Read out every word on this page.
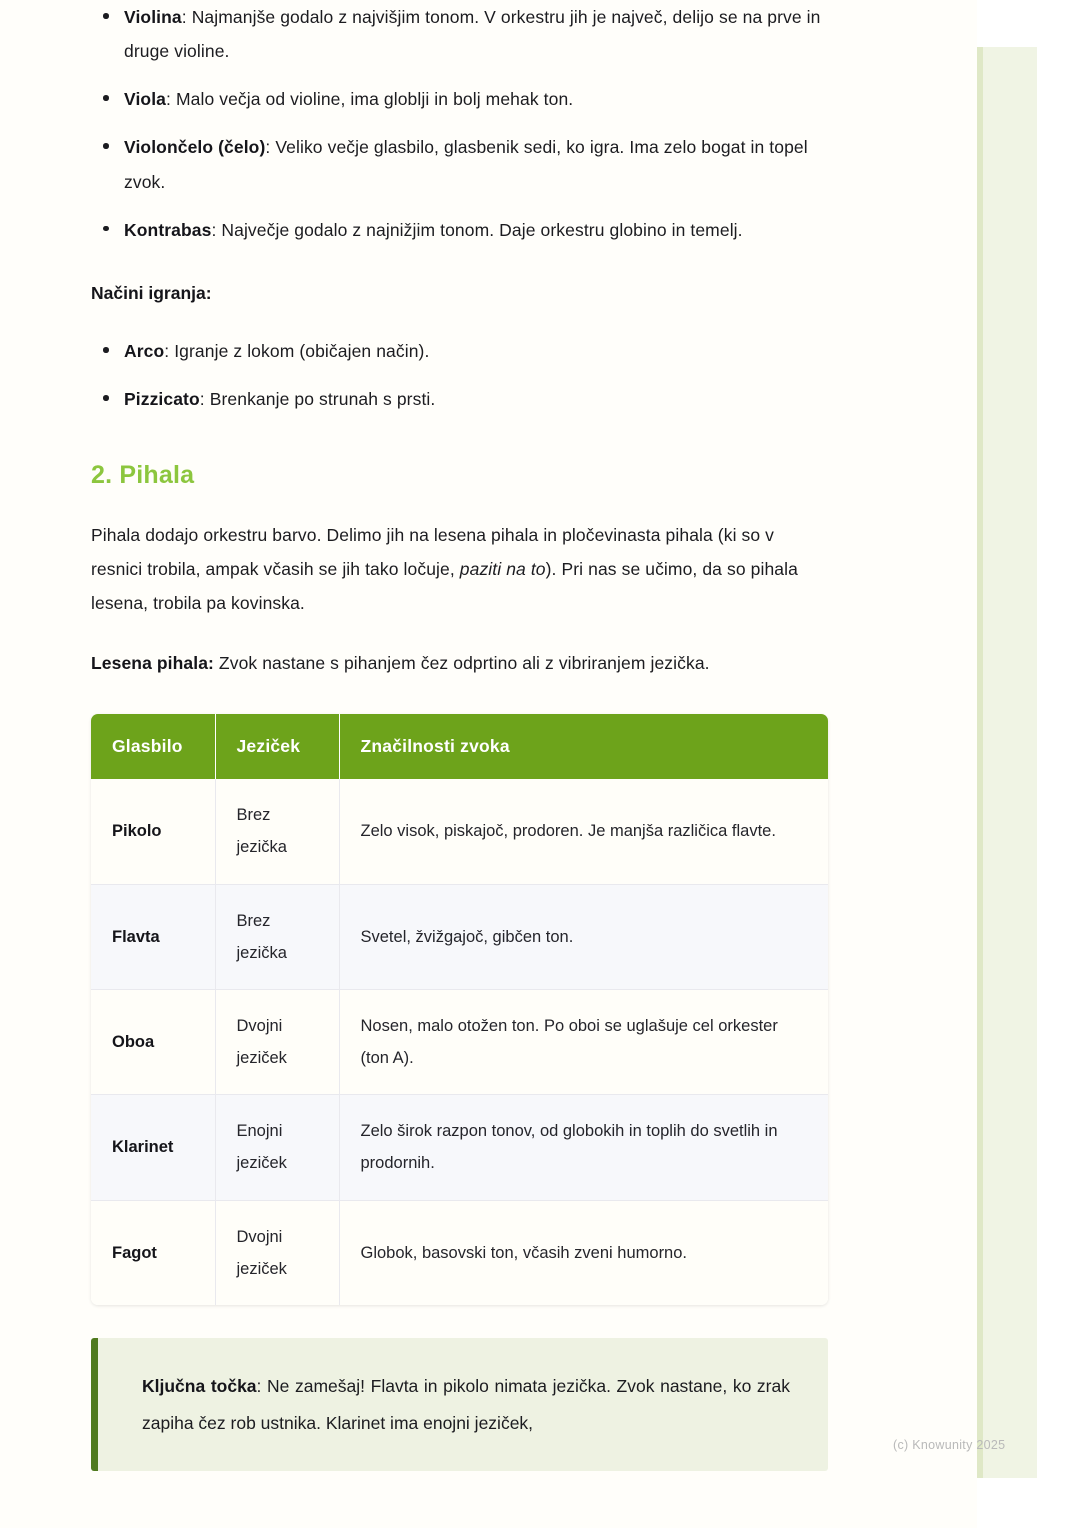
Violina: Najmanjše godalo z najvišjim tonom. V orkestru jih je največ, delijo se na prve in druge violine.
Viola: Malo večja od violine, ima globlji in bolj mehak ton.
Violončelo (čelo): Veliko večje glasbilo, glasbenik sedi, ko igra. Ima zelo bogat in topel zvok.
Kontrabas: Največje godalo z najnižjim tonom. Daje orkestru globino in temelj.

Načini igranja:

Arco: Igranje z lokom (običajen način).
Pizzicato: Brenkanje po strunah s prsti.
2. Pihala

Pihala dodajo orkestru barvo. Delimo jih na lesena pihala in pločevinasta pihala (ki so v resnici trobila, ampak včasih se jih tako ločuje, paziti na to). Pri nas se učimo, da so pihala lesena, trobila pa kovinska.

Lesena pihala: Zvok nastane s pihanjem čez odprtino ali z vibriranjem jezička.

Glasbilo	Jeziček	Značilnosti zvoka
Pikolo	Brez jezička	Zelo visok, piskajoč, prodoren. Je manjša različica flavte.
Flavta	Brez jezička	Svetel, žvižgajoč, gibčen ton.
Oboa	Dvojni jeziček	Nosen, malo otožen ton. Po oboi se uglašuje cel orkester (ton A).
Klarinet	Enojni jeziček	Zelo širok razpon tonov, od globokih in toplih do svetlih in prodornih.
Fagot	Dvojni jeziček	Globok, basovski ton, včasih zveni humorno.

Ključna točka: Ne zamešaj! Flavta in pikolo nimata jezička. Zvok nastane, ko zrak zapiha čez rob ustnika. Klarinet ima enojni jeziček,

(c) Knowunity 2025
